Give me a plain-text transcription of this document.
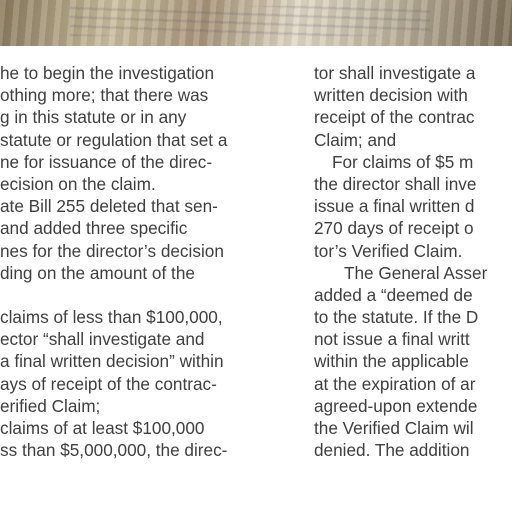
he to begin the investigation
othing more; that there was
g in this statute or in any
statute or regulation that set a
ne for issuance of the direc-
ecision on the claim.
ate Bill 255 deleted that sen-
and added three specific
nes for the director’s decision
ding on the amount of the
claims of less than $100,000,
ector “shall investigate and
a final written decision” within
ays of receipt of the contrac-
erified Claim;
claims of at least $100,000
ss than $5,000,000, the direc-
tor shall investigate a
written decision with
receipt of the contrac
Claim; and
For claims of $5 m
the director shall inve
issue a final written d
270 days of receipt o
tor’s Verified Claim.
The General Asser
added a “deemed de
to the statute. If the D
not issue a final writt
within the applicable
at the expiration of ar
agreed-upon extende
the Verified Claim wil
denied. The addition
